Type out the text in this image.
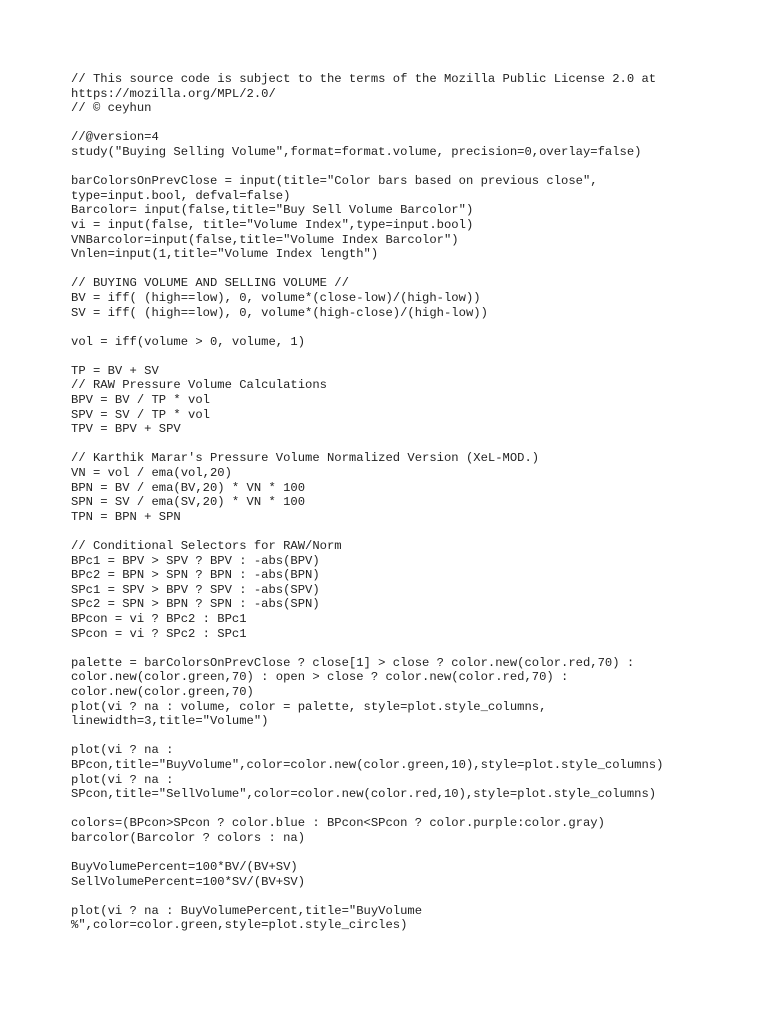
// This source code is subject to the terms of the Mozilla Public License 2.0 at
https://mozilla.org/MPL/2.0/
// © ceyhun
//@version=4
study("Buying Selling Volume",format=format.volume, precision=0,overlay=false)
barColorsOnPrevClose = input(title="Color bars based on previous close",
type=input.bool, defval=false)
Barcolor= input(false,title="Buy Sell Volume Barcolor")
vi = input(false, title="Volume Index",type=input.bool)
VNBarcolor=input(false,title="Volume Index Barcolor")
Vnlen=input(1,title="Volume Index length")
// BUYING VOLUME AND SELLING VOLUME //
BV = iff( (high==low), 0, volume*(close-low)/(high-low))
SV = iff( (high==low), 0, volume*(high-close)/(high-low))
vol = iff(volume > 0, volume, 1)
TP = BV + SV
// RAW Pressure Volume Calculations
BPV = BV / TP * vol
SPV = SV / TP * vol
TPV = BPV + SPV
// Karthik Marar's Pressure Volume Normalized Version (XeL-MOD.)
VN = vol / ema(vol,20)
BPN = BV / ema(BV,20) * VN * 100
SPN = SV / ema(SV,20) * VN * 100
TPN = BPN + SPN
// Conditional Selectors for RAW/Norm
BPc1 = BPV > SPV ? BPV : -abs(BPV)
BPc2 = BPN > SPN ? BPN : -abs(BPN)
SPc1 = SPV > BPV ? SPV : -abs(SPV)
SPc2 = SPN > BPN ? SPN : -abs(SPN)
BPcon = vi ? BPc2 : BPc1
SPcon = vi ? SPc2 : SPc1
palette = barColorsOnPrevClose ? close[1] > close ? color.new(color.red,70) :
color.new(color.green,70) : open > close ? color.new(color.red,70) :
color.new(color.green,70)
plot(vi ? na : volume, color = palette, style=plot.style_columns,
linewidth=3,title="Volume")
plot(vi ? na :
BPcon,title="BuyVolume",color=color.new(color.green,10),style=plot.style_columns)
plot(vi ? na :
SPcon,title="SellVolume",color=color.new(color.red,10),style=plot.style_columns)
colors=(BPcon>SPcon ? color.blue : BPcon<SPcon ? color.purple:color.gray)
barcolor(Barcolor ? colors : na)
BuyVolumePercent=100*BV/(BV+SV)
SellVolumePercent=100*SV/(BV+SV)
plot(vi ? na : BuyVolumePercent,title="BuyVolume
%",color=color.green,style=plot.style_circles)
